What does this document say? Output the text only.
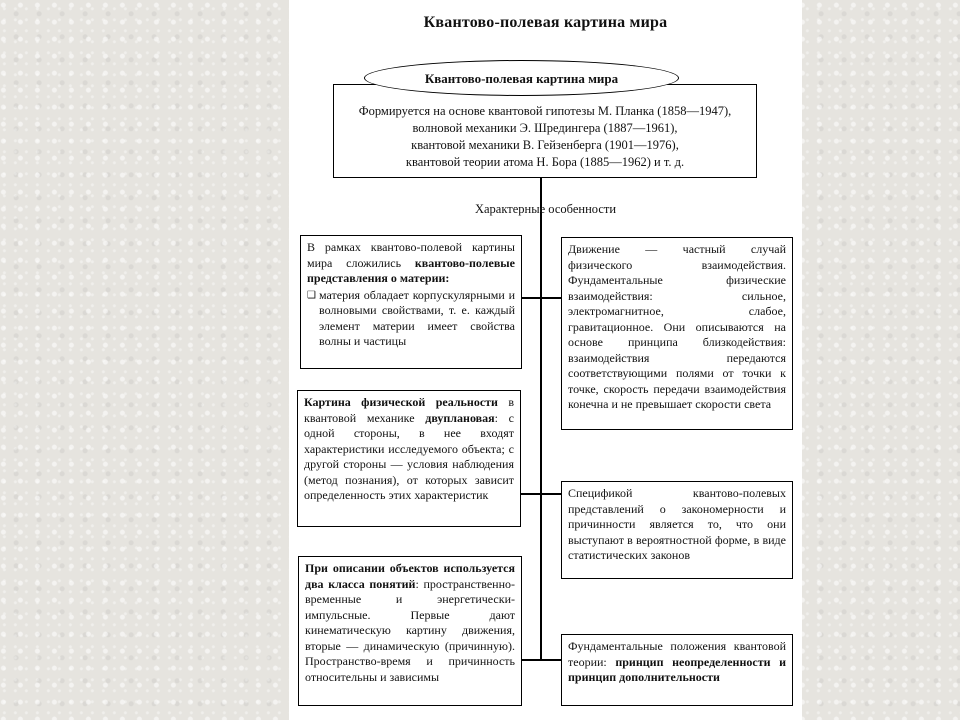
Квантово-полевая картина мира
Квантово-полевая картина мира
Формируется на основе квантовой гипотезы М. Планка (1858—1947),
волновой механики Э. Шредингера (1887—1961),
квантовой механики В. Гейзенберга (1901—1976),
квантовой теории атома Н. Бора (1885—1962) и т. д.
Характерные особенности
В рамках квантово-полевой картины мира сложились квантово-полевые представления о материи:
❑ материя обладает корпускулярными и волновыми свойствами, т. е. каждый элемент материи имеет свойства волны и частицы
Картина физической реальности в квантовой механике двуплановая: с одной стороны, в нее входят характеристики исследуемого объекта; с другой стороны — условия наблюдения (метод познания), от которых зависит определенность этих характеристик
При описании объектов используется два класса понятий: пространственно-временные и энергетически-импульсные. Первые дают кинематическую картину движения, вторые — динамическую (причинную). Пространство-время и причинность относительны и зависимы
Движение — частный случай физического взаимодействия. Фундаментальные физические взаимодействия: сильное, электромагнитное, слабое, гравитационное. Они описываются на основе принципа близкодействия: взаимодействия передаются соответствующими полями от точки к точке, скорость передачи взаимодействия конечна и не превышает скорости света
Спецификой квантово-полевых представлений о закономерности и причинности является то, что они выступают в вероятностной форме, в виде статистических законов
Фундаментальные положения квантовой теории: принцип неопределенности и принцип дополнительности
